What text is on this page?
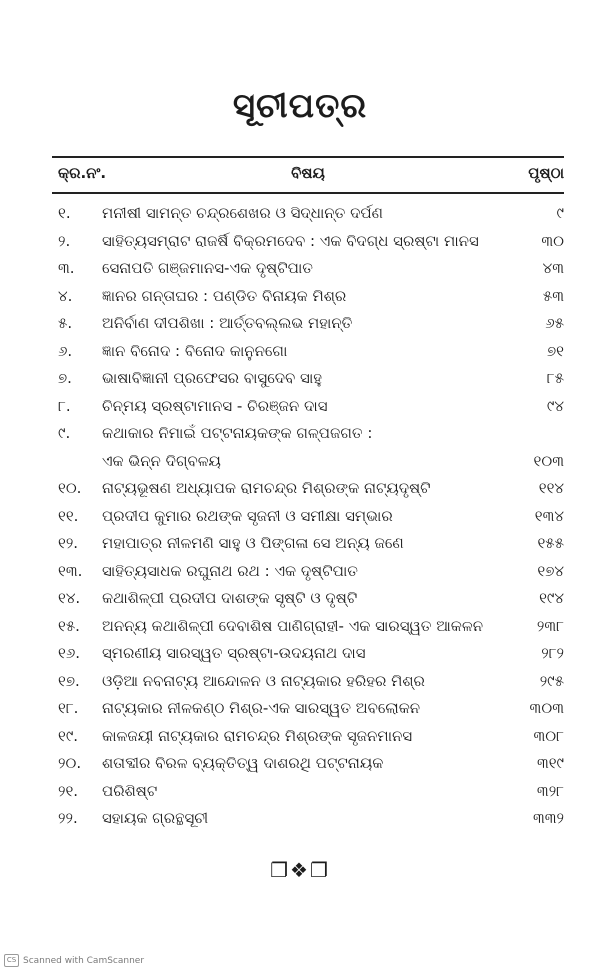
ସୂଚୀପତ୍ର
କ୍ର.ନଂ.	ବିଷୟ	ପୃଷ୍ଠା
୧.	ମନୀଷୀ ସାମନ୍ତ ଚନ୍ଦ୍ରଶେଖର ଓ ସିଦ୍ଧାନ୍ତ ଦର୍ପଣ	୯
୨.	ସାହିତ୍ୟସମ୍ରାଟ ରାଜର୍ଷି ବିକ୍ରମଦେବ : ଏକ ବିଦଗ୍ଧ ସ୍ରଷ୍ଟା ମାନସ	୩୦
୩.	ସେନାପତି ଗଞ୍ଜମାନସ-ଏକ ଦୃଷ୍ଟିପାତ	୪୩
୪.	ଜ୍ଞାନର ଗନ୍ତାଘର : ପଣ୍ଡିତ ବିନାୟକ ମିଶ୍ର	୫୩
୫.	ଅନିର୍ବାଣ ଦୀପଶିଖା : ଆର୍ତ୍ତବଲ୍ଲଭ ମହାନ୍ତି	୬୫
୬.	ଜ୍ଞାନ ବିନୋଦ : ବିନୋଦ କାନୁନଗୋ	୭୧
୭.	ଭାଷାବିଜ୍ଞାନୀ ପ୍ରଫେସର ବାସୁଦେବ ସାହୁ	୮୫
୮.	ଚିନ୍ମୟ ସ୍ରଷ୍ଟାମାନସ - ଚିରଞ୍ଜନ ଦାସ	୯୪
୯.	କଥାକାର ନିମାଇଁ ପଟ୍ଟନାୟକଙ୍କ ଗଳ୍ପଜଗତ :
ଏକ ଭିନ୍ନ ଦିଗ୍‌ବଳୟ	୧୦୩
୧୦.	ନାଟ୍ୟଭୂଷଣ ଅଧ୍ୟାପକ ରାମଚନ୍ଦ୍ର ମିଶ୍ରଙ୍କ ନାଟ୍ୟଦୃଷ୍ଟି	୧୧୪
୧୧.	ପ୍ରଦୀପ କୁମାର ରଥଙ୍କ ସୃଜନୀ ଓ ସମୀକ୍ଷା ସମ୍ଭାର	୧୩୪
୧୨.	ମହାପାତ୍ର ନୀଳମଣି ସାହୁ ଓ ପିଙ୍ଗଳା ସେ ଅନ୍ୟ ଜଣେ	୧୫୫
୧୩.	ସାହିତ୍ୟସାଧକ ରଘୁନାଥ ରଥ : ଏକ ଦୃଷ୍ଟିପାତ	୧୭୪
୧୪.	କଥାଶିଳ୍ପୀ ପ୍ରଦୀପ ଦାଶଙ୍କ ସୃଷ୍ଟି ଓ ଦୃଷ୍ଟି	୧୯୪
୧୫.	ଅନନ୍ୟ କଥାଶିଳ୍ପୀ ଦେବାଶିଷ ପାଣିଗ୍ରାହୀ- ଏକ ସାରସ୍ୱତ ଆକଳନ	୨୩୮
୧୬.	ସ୍ମରଣୀୟ ସାରସ୍ୱତ ସ୍ରଷ୍ଟା-ଉଦୟନାଥ ଦାସ	୨୮୨
୧୭.	ଓଡ଼ିଆ ନବନାଟ୍ୟ ଆନ୍ଦୋଳନ ଓ ନାଟ୍ୟକାର ହରିହର ମିଶ୍ର	୨୯୫
୧୮.	ନାଟ୍ୟକାର ନୀଳକଣ୍ଠ ମିଶ୍ର-ଏକ ସାରସ୍ୱତ ଅବଲୋକନ	୩୦୩
୧୯.	କାଳଜୟୀ ନାଟ୍ୟକାର ରାମଚନ୍ଦ୍ର ମିଶ୍ରଙ୍କ ସୃଜନମାନସ	୩୦୮
୨୦.	ଶତାବ୍ଦୀର ବିରଳ ବ୍ୟକ୍ତିତ୍ୱ ଦାଶରଥି ପଟ୍ଟନାୟକ	୩୧୯
୨୧.	ପରିଶିଷ୍ଟ	୩୨୮
୨୨.	ସହାୟକ ଗ୍ରନ୍ଥସୂଚୀ	୩୩୨
❐❖❐
CS Scanned with CamScanner
